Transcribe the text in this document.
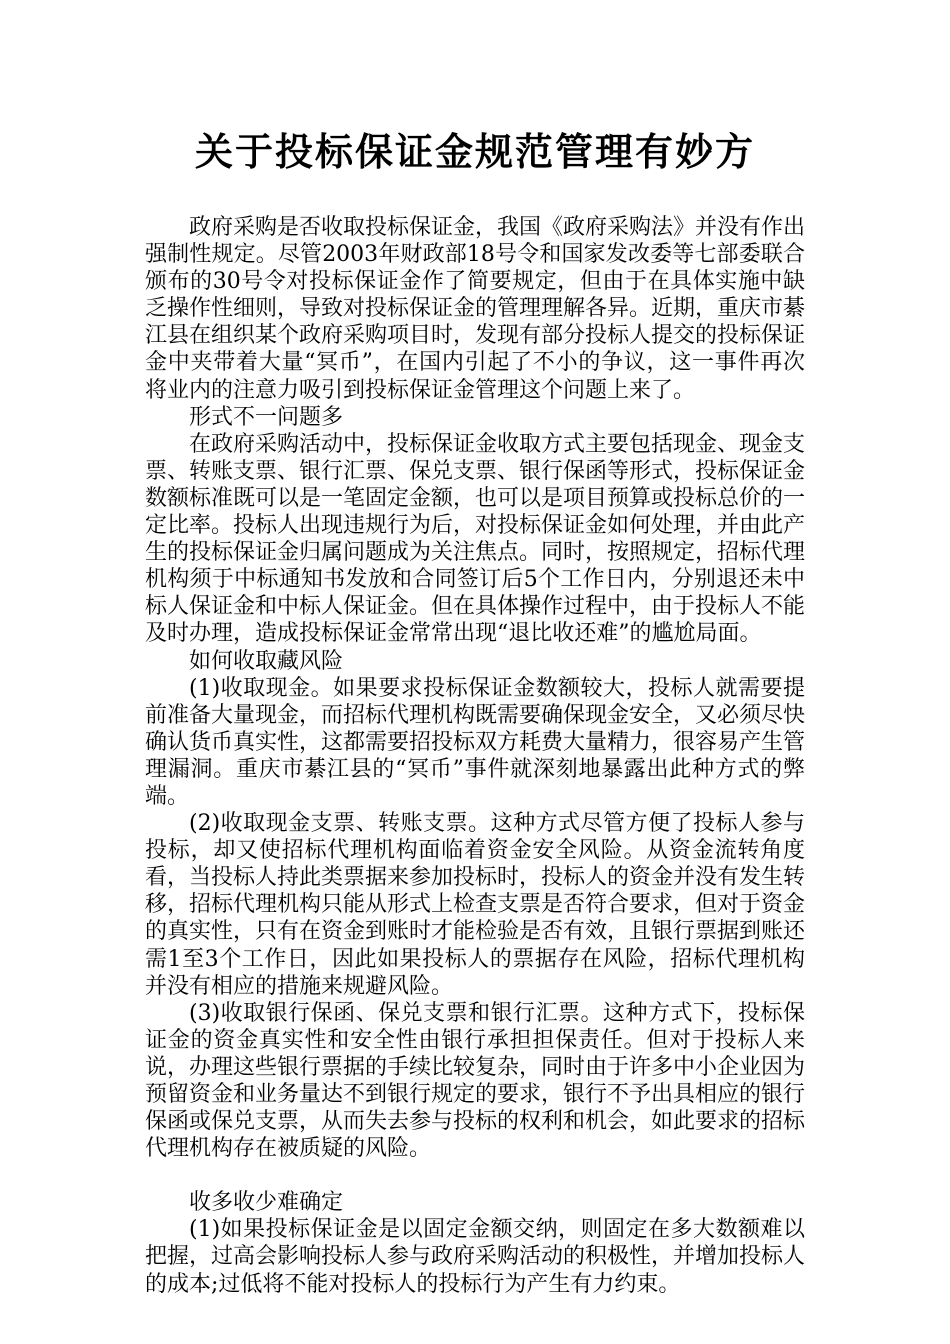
关于投标保证金规范管理有妙方

政府采购是否收取投标保证金，我国《政府采购法》并没有作出强制性规定。尽管2003年财政部18号令和国家发改委等七部委联合颁布的30号令对投标保证金作了简要规定，但由于在具体实施中缺乏操作性细则，导致对投标保证金的管理理解各异。近期，重庆市綦江县在组织某个政府采购项目时，发现有部分投标人提交的投标保证金中夹带着大量“冥币”，在国内引起了不小的争议，这一事件再次将业内的注意力吸引到投标保证金管理这个问题上来了。

形式不一问题多

在政府采购活动中，投标保证金收取方式主要包括现金、现金支票、转账支票、银行汇票、保兑支票、银行保函等形式，投标保证金数额标准既可以是一笔固定金额，也可以是项目预算或投标总价的一定比率。投标人出现违规行为后，对投标保证金如何处理，并由此产生的投标保证金归属问题成为关注焦点。同时，按照规定，招标代理机构须于中标通知书发放和合同签订后5个工作日内，分别退还未中标人保证金和中标人保证金。但在具体操作过程中，由于投标人不能及时办理，造成投标保证金常常出现“退比收还难”的尴尬局面。

如何收取藏风险

(1)收取现金。如果要求投标保证金数额较大，投标人就需要提前准备大量现金，而招标代理机构既需要确保现金安全，又必须尽快确认货币真实性，这都需要招投标双方耗费大量精力，很容易产生管理漏洞。重庆市綦江县的“冥币”事件就深刻地暴露出此种方式的弊端。

(2)收取现金支票、转账支票。这种方式尽管方便了投标人参与投标，却又使招标代理机构面临着资金安全风险。从资金流转角度看，当投标人持此类票据来参加投标时，投标人的资金并没有发生转移，招标代理机构只能从形式上检查支票是否符合要求，但对于资金的真实性，只有在资金到账时才能检验是否有效，且银行票据到账还需1至3个工作日，因此如果投标人的票据存在风险，招标代理机构并没有相应的措施来规避风险。

(3)收取银行保函、保兑支票和银行汇票。这种方式下，投标保证金的资金真实性和安全性由银行承担担保责任。但对于投标人来说，办理这些银行票据的手续比较复杂，同时由于许多中小企业因为预留资金和业务量达不到银行规定的要求，银行不予出具相应的银行保函或保兑支票，从而失去参与投标的权利和机会，如此要求的招标代理机构存在被质疑的风险。

收多收少难确定

(1)如果投标保证金是以固定金额交纳，则固定在多大数额难以把握，过高会影响投标人参与政府采购活动的积极性，并增加投标人的成本;过低将不能对投标人的投标行为产生有力约束。
